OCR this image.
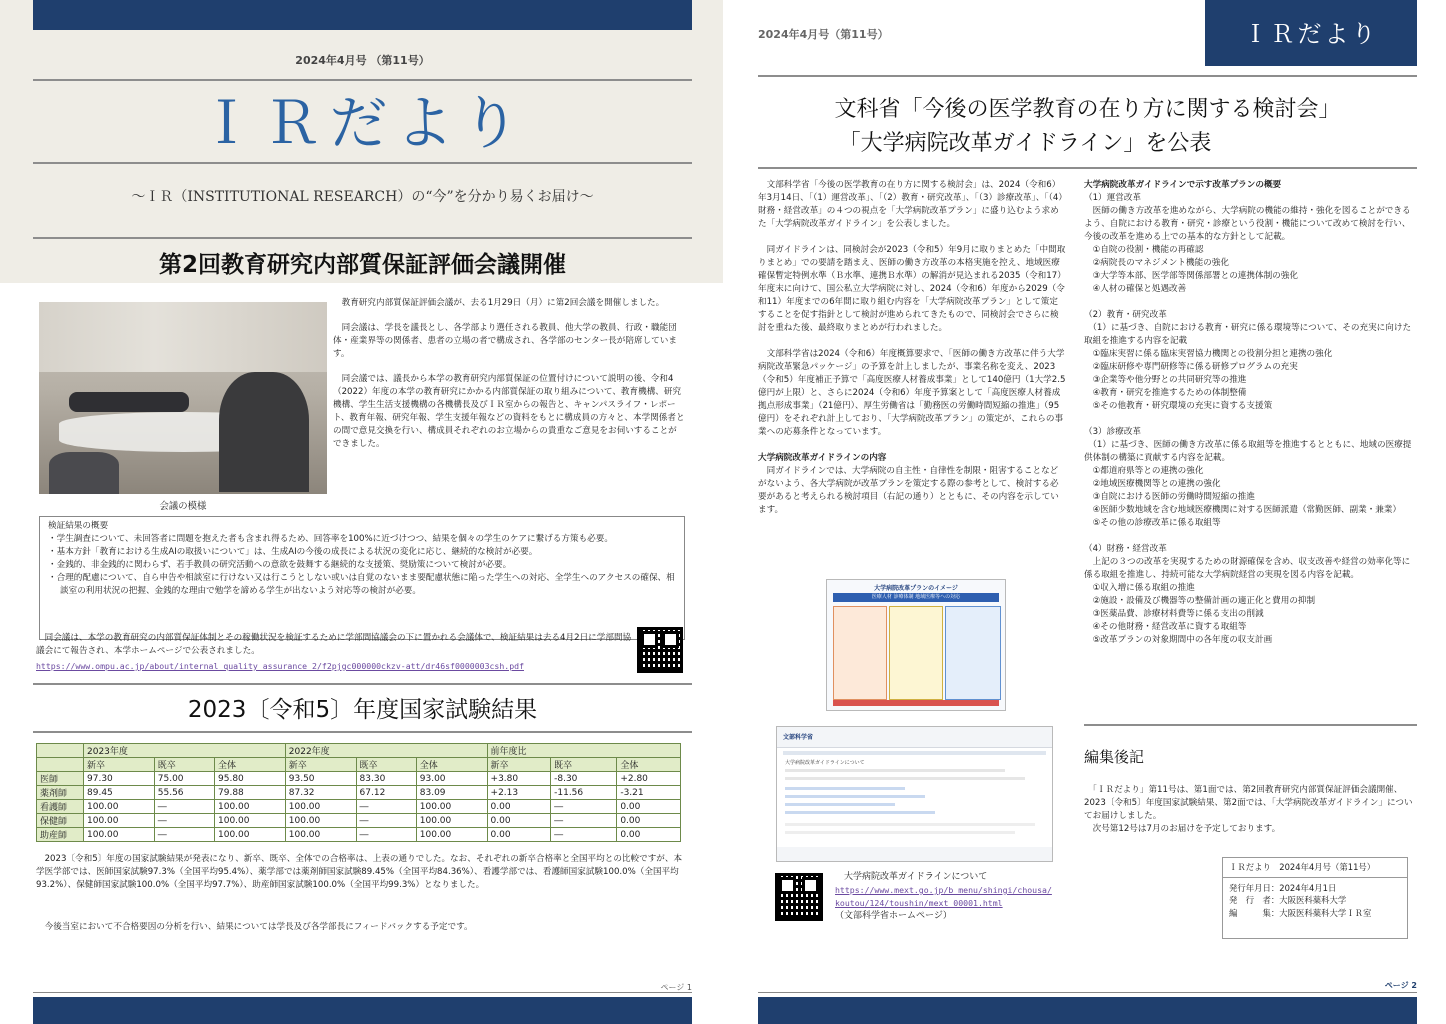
2024年4月号 （第11号）
ＩＲだより
～ＩＲ（INSTITUTIONAL RESEARCH）の“今”を分かり易くお届け～
第2回教育研究内部質保証評価会議開催
会議の模様

　教育研究内部質保証評価会議が、去る1月29日（月）に第2回会議を開催しました。

　同会議は、学長を議長とし、各学部より選任される教員、他大学の教員、行政・職能団体・産業界等の関係者、患者の立場の者で構成され、各学部のセンター長が陪席しています。

　同会議では、議長から本学の教育研究内部質保証の位置付けについて説明の後、令和4（2022）年度の本学の教育研究にかかる内部質保証の取り組みについて、教育機構、研究機構、学生生活支援機構の各機構長及びＩＲ室からの報告と、キャンパスライフ・レポート、教育年報、研究年報、学生支援年報などの資料をもとに構成員の方々と、本学関係者との間で意見交換を行い、構成員それぞれのお立場からの貴重なご意見をお伺いすることができました。

検証結果の概要

・学生調査について、未回答者に問題を抱えた者も含まれ得るため、回答率を100%に近づけつつ、結果を個々の学生のケアに繋げる方策も必要。

・基本方針「教育における生成AIの取扱いについて」は、生成AIの今後の成長による状況の変化に応じ、継続的な検討が必要。

・金銭的、非金銭的に関わらず、若手教員の研究活動への意欲を鼓舞する継続的な支援策、奨励策について検討が必要。

・合理的配慮について、自ら申告や相談室に行けない又は行こうとしない或いは自覚のないまま要配慮状態に陥った学生への対応、全学生へのアクセスの確保、相談室の利用状況の把握、金銭的な理由で勉学を諦める学生が出ないよう対応等の検討が必要。

　同会議は、本学の教育研究の内部質保証体制とその稼働状況を検証するために学部間協議会の下に置かれる会議体で、検証結果は去る4月2日に学部間協議会にて報告され、本学ホームページで公表されました。
https://www.ompu.ac.jp/about/internal_quality_assurance_2/f2pjgc000000ckzv-att/dr46sf0000003csh.pdf
2023〔令和5〕年度国家試験結果
	2023年度			2022年度			前年度比		
	新卒	既卒	全体	新卒	既卒	全体	新卒	既卒	全体
医師	97.30	75.00	95.80	93.50	83.30	93.00	+3.80	-8.30	+2.80
薬剤師	89.45	55.56	79.88	87.32	67.12	83.09	+2.13	-11.56	-3.21
看護師	100.00	―	100.00	100.00	―	100.00	0.00	―	0.00
保健師	100.00	―	100.00	100.00	―	100.00	0.00	―	0.00
助産師	100.00	―	100.00	100.00	―	100.00	0.00	―	0.00
　2023〔令和5〕年度の国家試験結果が発表になり、新卒、既卒、全体での合格率は、上表の通りでした。なお、それぞれの新卒合格率と全国平均との比較ですが、本学医学部では、医師国家試験97.3%（全国平均95.4%）、薬学部では薬剤師国家試験89.45%（全国平均84.36%）、看護学部では、看護師国家試験100.0%（全国平均93.2%）、保健師国家試験100.0%（全国平均97.7%）、助産師国家試験100.0%（全国平均99.3%）となりました。
　今後当室において不合格要因の分析を行い、結果については学長及び各学部長にフィードバックする予定です。
ページ 1
2024年4月号（第11号）	ＩＲだより
文科省「今後の医学教育の在り方に関する検討会」
「大学病院改革ガイドライン」を公表

　文部科学省「今後の医学教育の在り方に関する検討会」は、2024（令和6）年3月14日、「（1）運営改革」、「（2）教育・研究改革」、「（3）診療改革」、「（4）財務・経営改革」の４つの視点を「大学病院改革プラン」に盛り込むよう求めた「大学病院改革ガイドライン」を公表しました。

　同ガイドラインは、同検討会が2023（令和5）年9月に取りまとめた「中間取りまとめ」での要請を踏まえ、医師の働き方改革の本格実施を控え、地域医療確保暫定特例水準（Ｂ水準、連携Ｂ水準）の解消が見込まれる2035（令和17）年度末に向けて、国公私立大学病院に対し、2024（令和6）年度から2029（令和11）年度までの6年間に取り組む内容を「大学病院改革プラン」として策定することを促す指針として検討が進められてきたもので、同検討会でさらに検討を重ねた後、最終取りまとめが行われました。

　文部科学省は2024（令和6）年度概算要求で、「医師の働き方改革に伴う大学病院改革緊急パッケージ」の予算を計上しましたが、事業名称を変え、2023（令和5）年度補正予算で「高度医療人材養成事業」として140億円（1大学2.5億円が上限）と、さらに2024（令和6）年度予算案として「高度医療人材養成拠点形成事業」（21億円）、厚生労働省は「勤務医の労働時間短縮の推進」（95億円）をそれぞれ計上しており、「大学病院改革プラン」の策定が、これらの事業への応募条件となっています。

大学病院改革ガイドラインの内容

　同ガイドラインでは、大学病院の自主性・自律性を制限・阻害することなどがないよう、各大学病院が改革プランを策定する際の参考として、検討する必要があると考えられる検討項目（右記の通り）とともに、その内容を示しています。

大学病院改革プランのイメージ
医療人材 診療体制 地域医療等への対応
文部科学省
大学病院改革ガイドラインについて

大学病院改革ガイドラインについて

https://www.mext.go.jp/b_menu/shingi/chousa/

koutou/124/toushin/mext_00001.html

（文部科学省ホームページ）

大学病院改革ガイドラインで示す改革プランの概要

（1）運営改革

　医師の働き方改革を進めながら、大学病院の機能の維持・強化を図ることができるよう、自院における教育・研究・診療という役割・機能について改めて検討を行い、今後の改革を進める上での基本的な方針として記載。

　①自院の役割・機能の再確認

　②病院長のマネジメント機能の強化

　③大学等本部、医学部等関係部署との連携体制の強化

　④人材の確保と処遇改善

（2）教育・研究改革

　（1）に基づき、自院における教育・研究に係る環境等について、その充実に向けた取組を推進する内容を記載

　①臨床実習に係る臨床実習協力機関との役割分担と連携の強化

　②臨床研修や専門研修等に係る研修プログラムの充実

　③企業等や他分野との共同研究等の推進

　④教育・研究を推進するための体制整備

　⑤その他教育・研究環境の充実に資する支援策

（3）診療改革

　（1）に基づき、医師の働き方改革に係る取組等を推進するとともに、地域の医療提供体制の構築に貢献する内容を記載。

　①都道府県等との連携の強化

　②地域医療機関等との連携の強化

　③自院における医師の労働時間短縮の推進

　④医師少数地域を含む地域医療機関に対する医師派遣（常勤医師、副業・兼業）

　⑤その他の診療改革に係る取組等

（4）財務・経営改革

　上記の３つの改革を実現するための財源確保を含め、収支改善や経営の効率化等に係る取組を推進し、持続可能な大学病院経営の実現を図る内容を記載。

　①収入増に係る取組の推進

　②施設・設備及び機器等の整備計画の適正化と費用の抑制

　③医薬品費、診療材料費等に係る支出の削減

　④その他財務・経営改革に資する取組等

　⑤改革プランの対象期間中の各年度の収支計画

編集後記

　「ＩＲだより」第11号は、第1面では、第2回教育研究内部質保証評価会議開催、2023〔令和5〕年度国家試験結果、第2面では、「大学病院改革ガイドライン」についてお届けしました。

　次号第12号は7月のお届けを予定しております。

ＩＲだより　2024年4月号（第11号）

発行年月日：2024年4月1日

発　行　者：大阪医科薬科大学

編　　　集：大阪医科薬科大学ＩＲ室

ページ 2
